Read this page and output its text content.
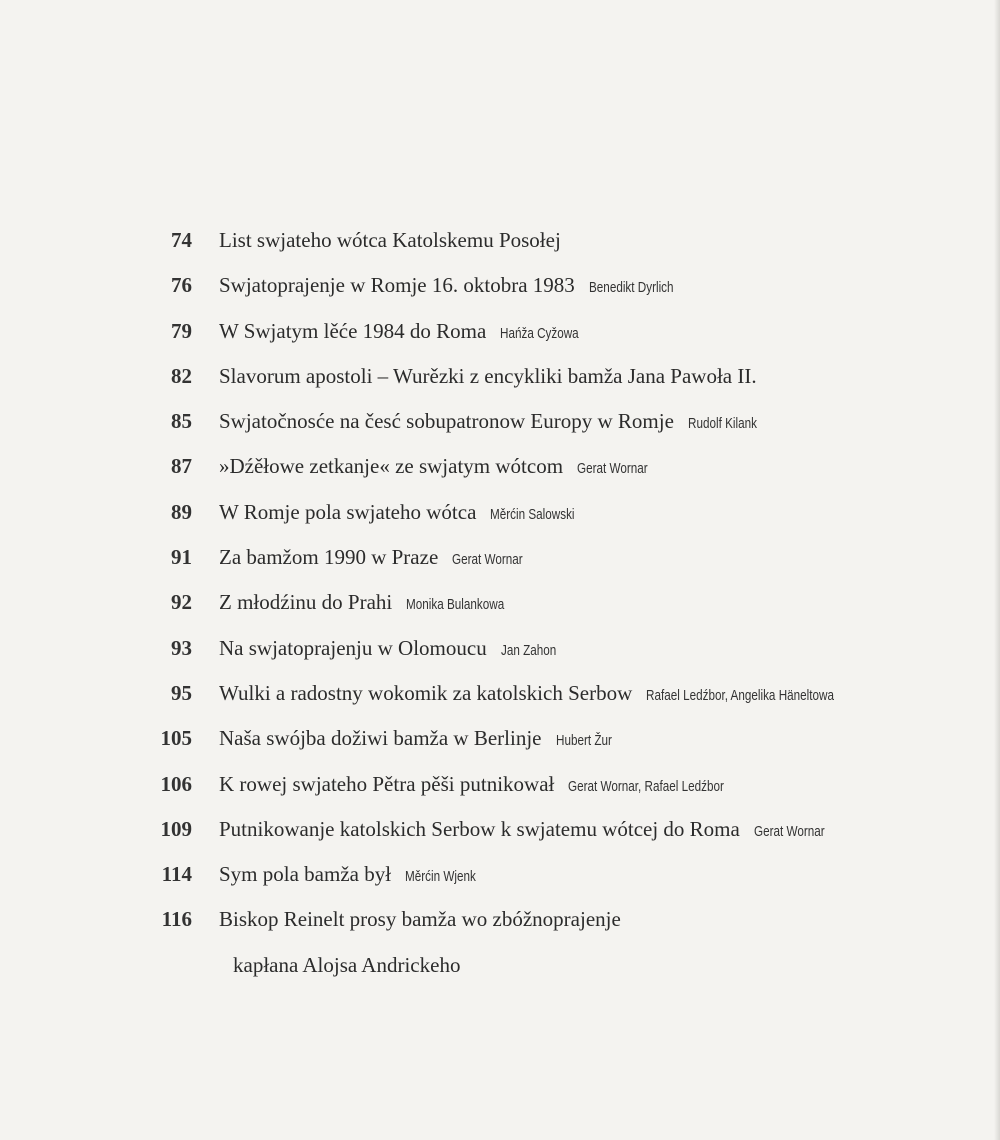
74 List swjateho wótca Katolskemu Posołej
76 Swjatoprajenje w Romje 16. oktobra 1983 Benedikt Dyrlich
79 W Swjatym lěće 1984 do Roma Hańža Cyžowa
82 Slavorum apostoli – Wurězki z encykliki bamža Jana Pawoła II.
85 Swjatočnosće na česć sobupatronow Europy w Romje Rudolf Kilank
87 »Dźěłowe zetkanje« ze swjatym wótcom Gerat Wornar
89 W Romje pola swjateho wótca Měrćin Salowski
91 Za bamžom 1990 w Praze Gerat Wornar
92 Z młodźinu do Prahi Monika Bulankowa
93 Na swjatoprajenju w Olomoucu Jan Zahon
95 Wulki a radostny wokomik za katolskich Serbow Rafael Ledźbor, Angelika Häneltowa
105 Naša swójba dožiwi bamža w Berlinje Hubert Žur
106 K rowej swjateho Pětra pěši putnikował Gerat Wornar, Rafael Ledźbor
109 Putnikowanje katolskich Serbow k swjatemu wótcej do Roma Gerat Wornar
114 Sym pola bamža był Měrćin Wjenk
116 Biskop Reinelt prosy bamža wo zbóžnoprajenje
kapłana Alojsa Andrickeho
